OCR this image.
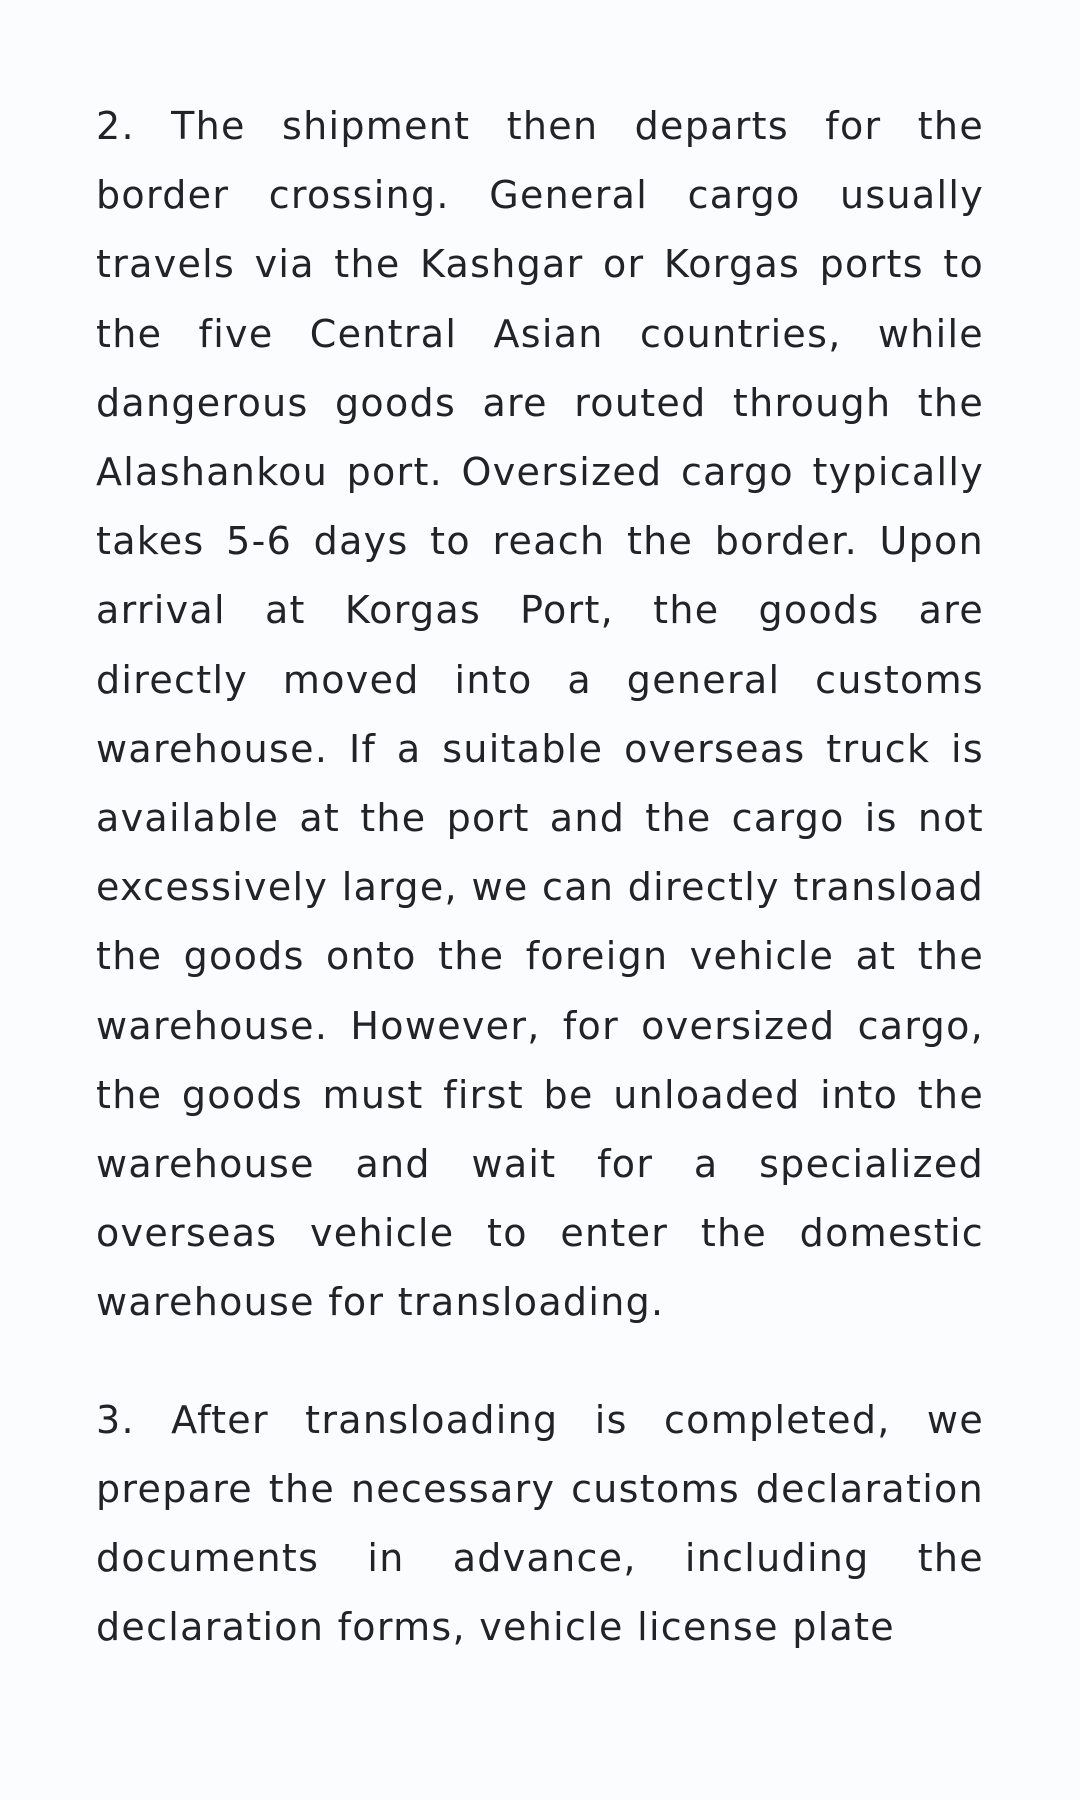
2. The shipment then departs for the border crossing. General cargo usually travels via the Kashgar or Korgas ports to the five Central Asian countries, while dangerous goods are routed through the Alashankou port. Oversized cargo typically takes 5-6 days to reach the border. Upon arrival at Korgas Port, the goods are directly moved into a general customs warehouse. If a suitable overseas truck is available at the port and the cargo is not excessively large, we can directly transload the goods onto the foreign vehicle at the warehouse. However, for oversized cargo, the goods must first be unloaded into the warehouse and wait for a specialized overseas vehicle to enter the domestic warehouse for transloading.

3. After transloading is completed, we prepare the necessary customs declaration documents in advance, including the declaration forms, vehicle license plate
